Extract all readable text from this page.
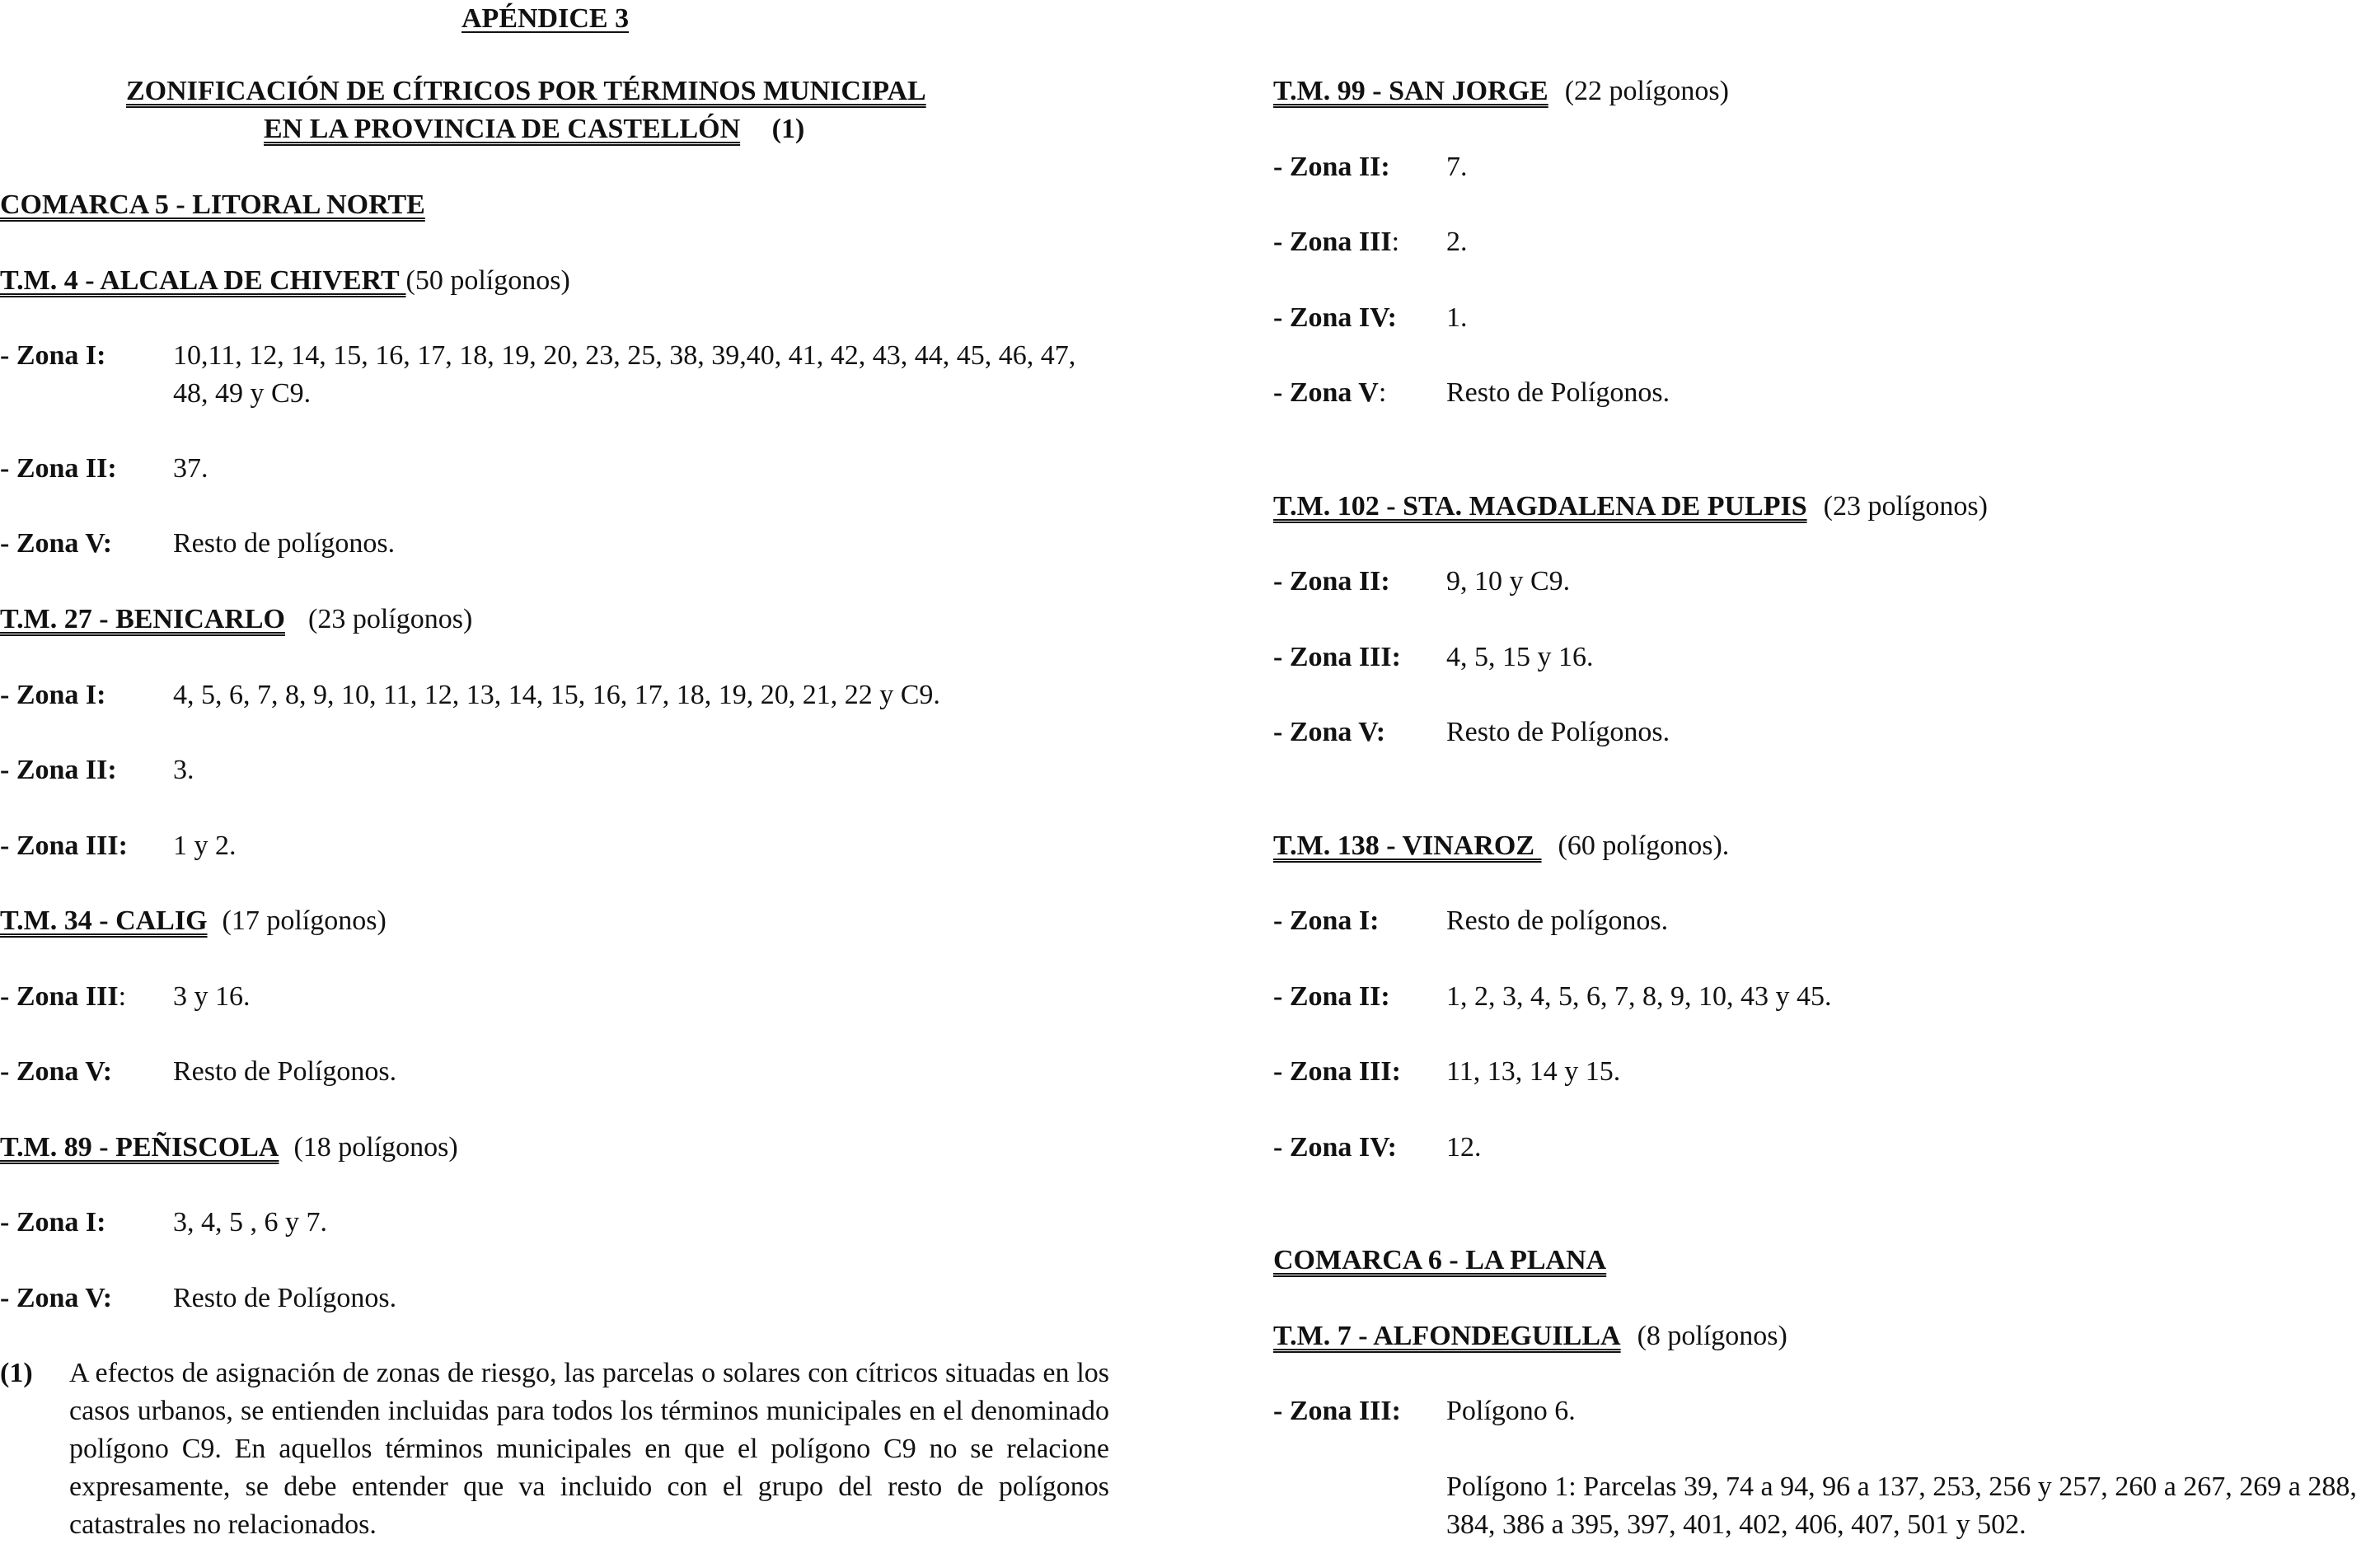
APÉNDICE 3
ZONIFICACIÓN DE CÍTRICOS POR TÉRMINOS MUNICIPAL
EN LA PROVINCIA DE CASTELLÓN (1)
COMARCA 5 - LITORAL NORTE
T.M. 4 - ALCALA DE CHIVERT (50 polígonos)
- Zona I: 10,11, 12, 14, 15, 16, 17, 18, 19, 20, 23, 25, 38, 39,40, 41, 42, 43, 44, 45, 46, 47, 48, 49 y C9.
- Zona II: 37.
- Zona V: Resto de polígonos.
T.M. 27 - BENICARLO (23 polígonos)
- Zona I: 4, 5, 6, 7, 8, 9, 10, 11, 12, 13, 14, 15, 16, 17, 18, 19, 20, 21, 22 y C9.
- Zona II: 3.
- Zona III: 1 y 2.
T.M. 34 - CALIG (17 polígonos)
- Zona III: 3 y 16.
- Zona V: Resto de Polígonos.
T.M. 89 - PEÑISCOLA (18 polígonos)
- Zona I: 3, 4, 5 , 6 y 7.
- Zona V: Resto de Polígonos.
(1) A efectos de asignación de zonas de riesgo, las parcelas o solares con cítricos situadas en los casos urbanos, se entienden incluidas para todos los términos municipales en el denominado polígono C9. En aquellos términos municipales en que el polígono C9 no se relacione expresamente, se debe entender que va incluido con el grupo del resto de polígonos catastrales no relacionados.
T.M. 99 - SAN JORGE (22 polígonos)
- Zona II: 7.
- Zona III: 2.
- Zona IV: 1.
- Zona V: Resto de Polígonos.
T.M. 102 - STA. MAGDALENA DE PULPIS (23 polígonos)
- Zona II: 9, 10 y C9.
- Zona III: 4, 5, 15 y 16.
- Zona V: Resto de Polígonos.
T.M. 138 - VINAROZ (60 polígonos).
- Zona I: Resto de polígonos.
- Zona II: 1, 2, 3, 4, 5, 6, 7, 8, 9, 10, 43 y 45.
- Zona III: 11, 13, 14 y 15.
- Zona IV: 12.
COMARCA 6 - LA PLANA
T.M. 7 - ALFONDEGUILLA (8 polígonos)
- Zona III: Polígono 6.
Polígono 1: Parcelas 39, 74 a 94, 96 a 137, 253, 256 y 257, 260 a 267, 269 a 288, 384, 386 a 395, 397, 401, 402, 406, 407, 501 y 502.
